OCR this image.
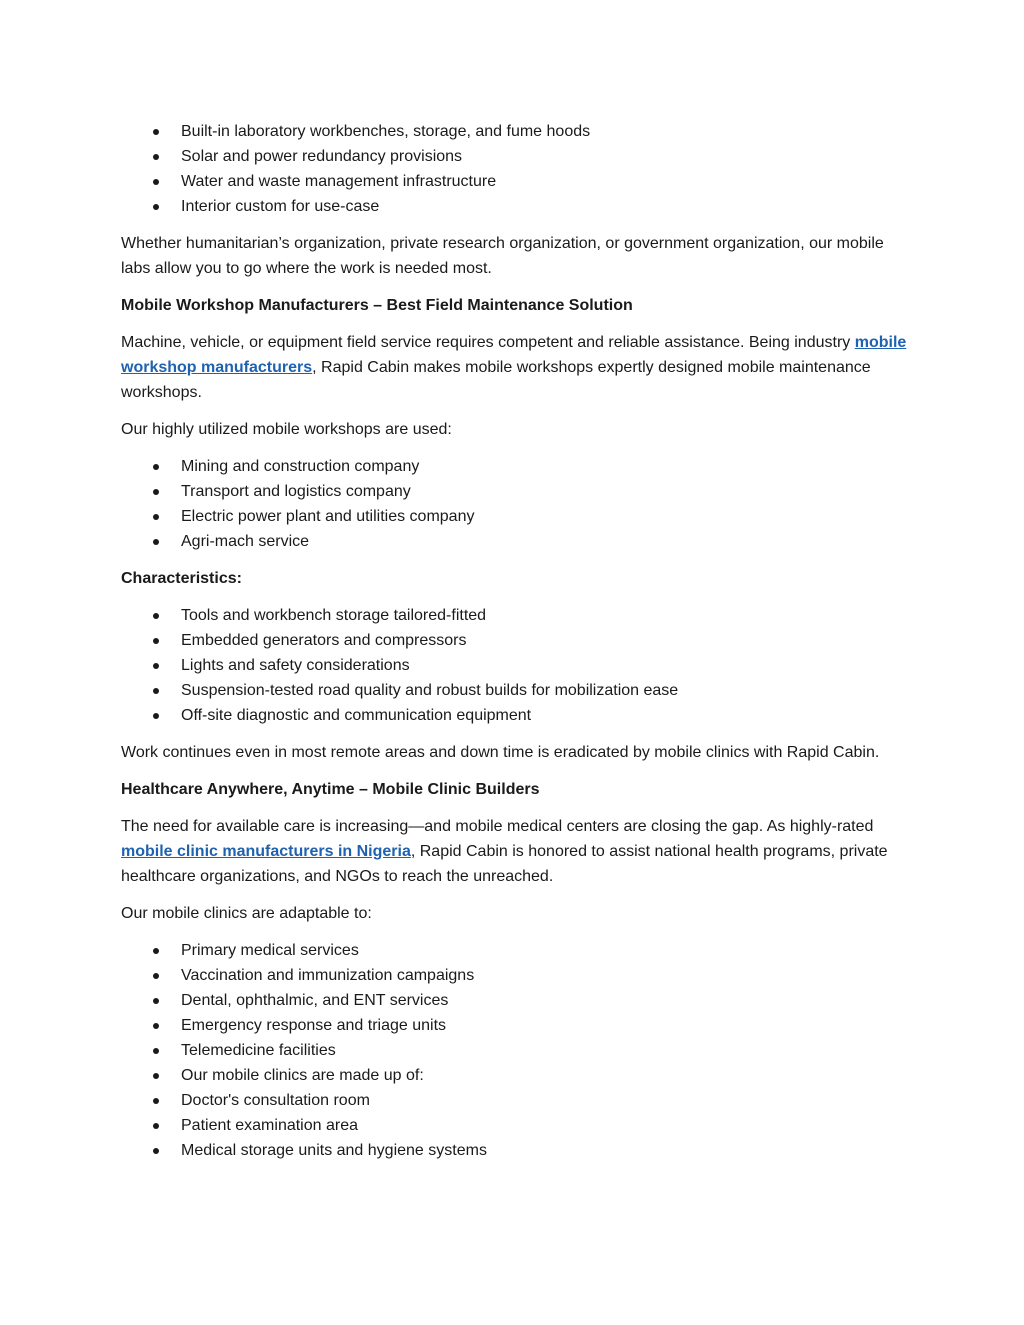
Built-in laboratory workbenches, storage, and fume hoods
Solar and power redundancy provisions
Water and waste management infrastructure
Interior custom for use-case

Whether humanitarian’s organization, private research organization, or government organization, our mobile labs allow you to go where the work is needed most.

Mobile Workshop Manufacturers – Best Field Maintenance Solution

Machine, vehicle, or equipment field service requires competent and reliable assistance. Being industry mobile workshop manufacturers, Rapid Cabin makes mobile workshops expertly designed mobile maintenance workshops.

Our highly utilized mobile workshops are used:

Mining and construction company
Transport and logistics company
Electric power plant and utilities company
Agri-mach service

Characteristics:

Tools and workbench storage tailored-fitted
Embedded generators and compressors
Lights and safety considerations
Suspension-tested road quality and robust builds for mobilization ease
Off-site diagnostic and communication equipment

Work continues even in most remote areas and down time is eradicated by mobile clinics with Rapid Cabin.

Healthcare Anywhere, Anytime – Mobile Clinic Builders

The need for available care is increasing—and mobile medical centers are closing the gap. As highly-rated mobile clinic manufacturers in Nigeria, Rapid Cabin is honored to assist national health programs, private healthcare organizations, and NGOs to reach the unreached.

Our mobile clinics are adaptable to:

Primary medical services
Vaccination and immunization campaigns
Dental, ophthalmic, and ENT services
Emergency response and triage units
Telemedicine facilities
Our mobile clinics are made up of:
Doctor's consultation room
Patient examination area
Medical storage units and hygiene systems
